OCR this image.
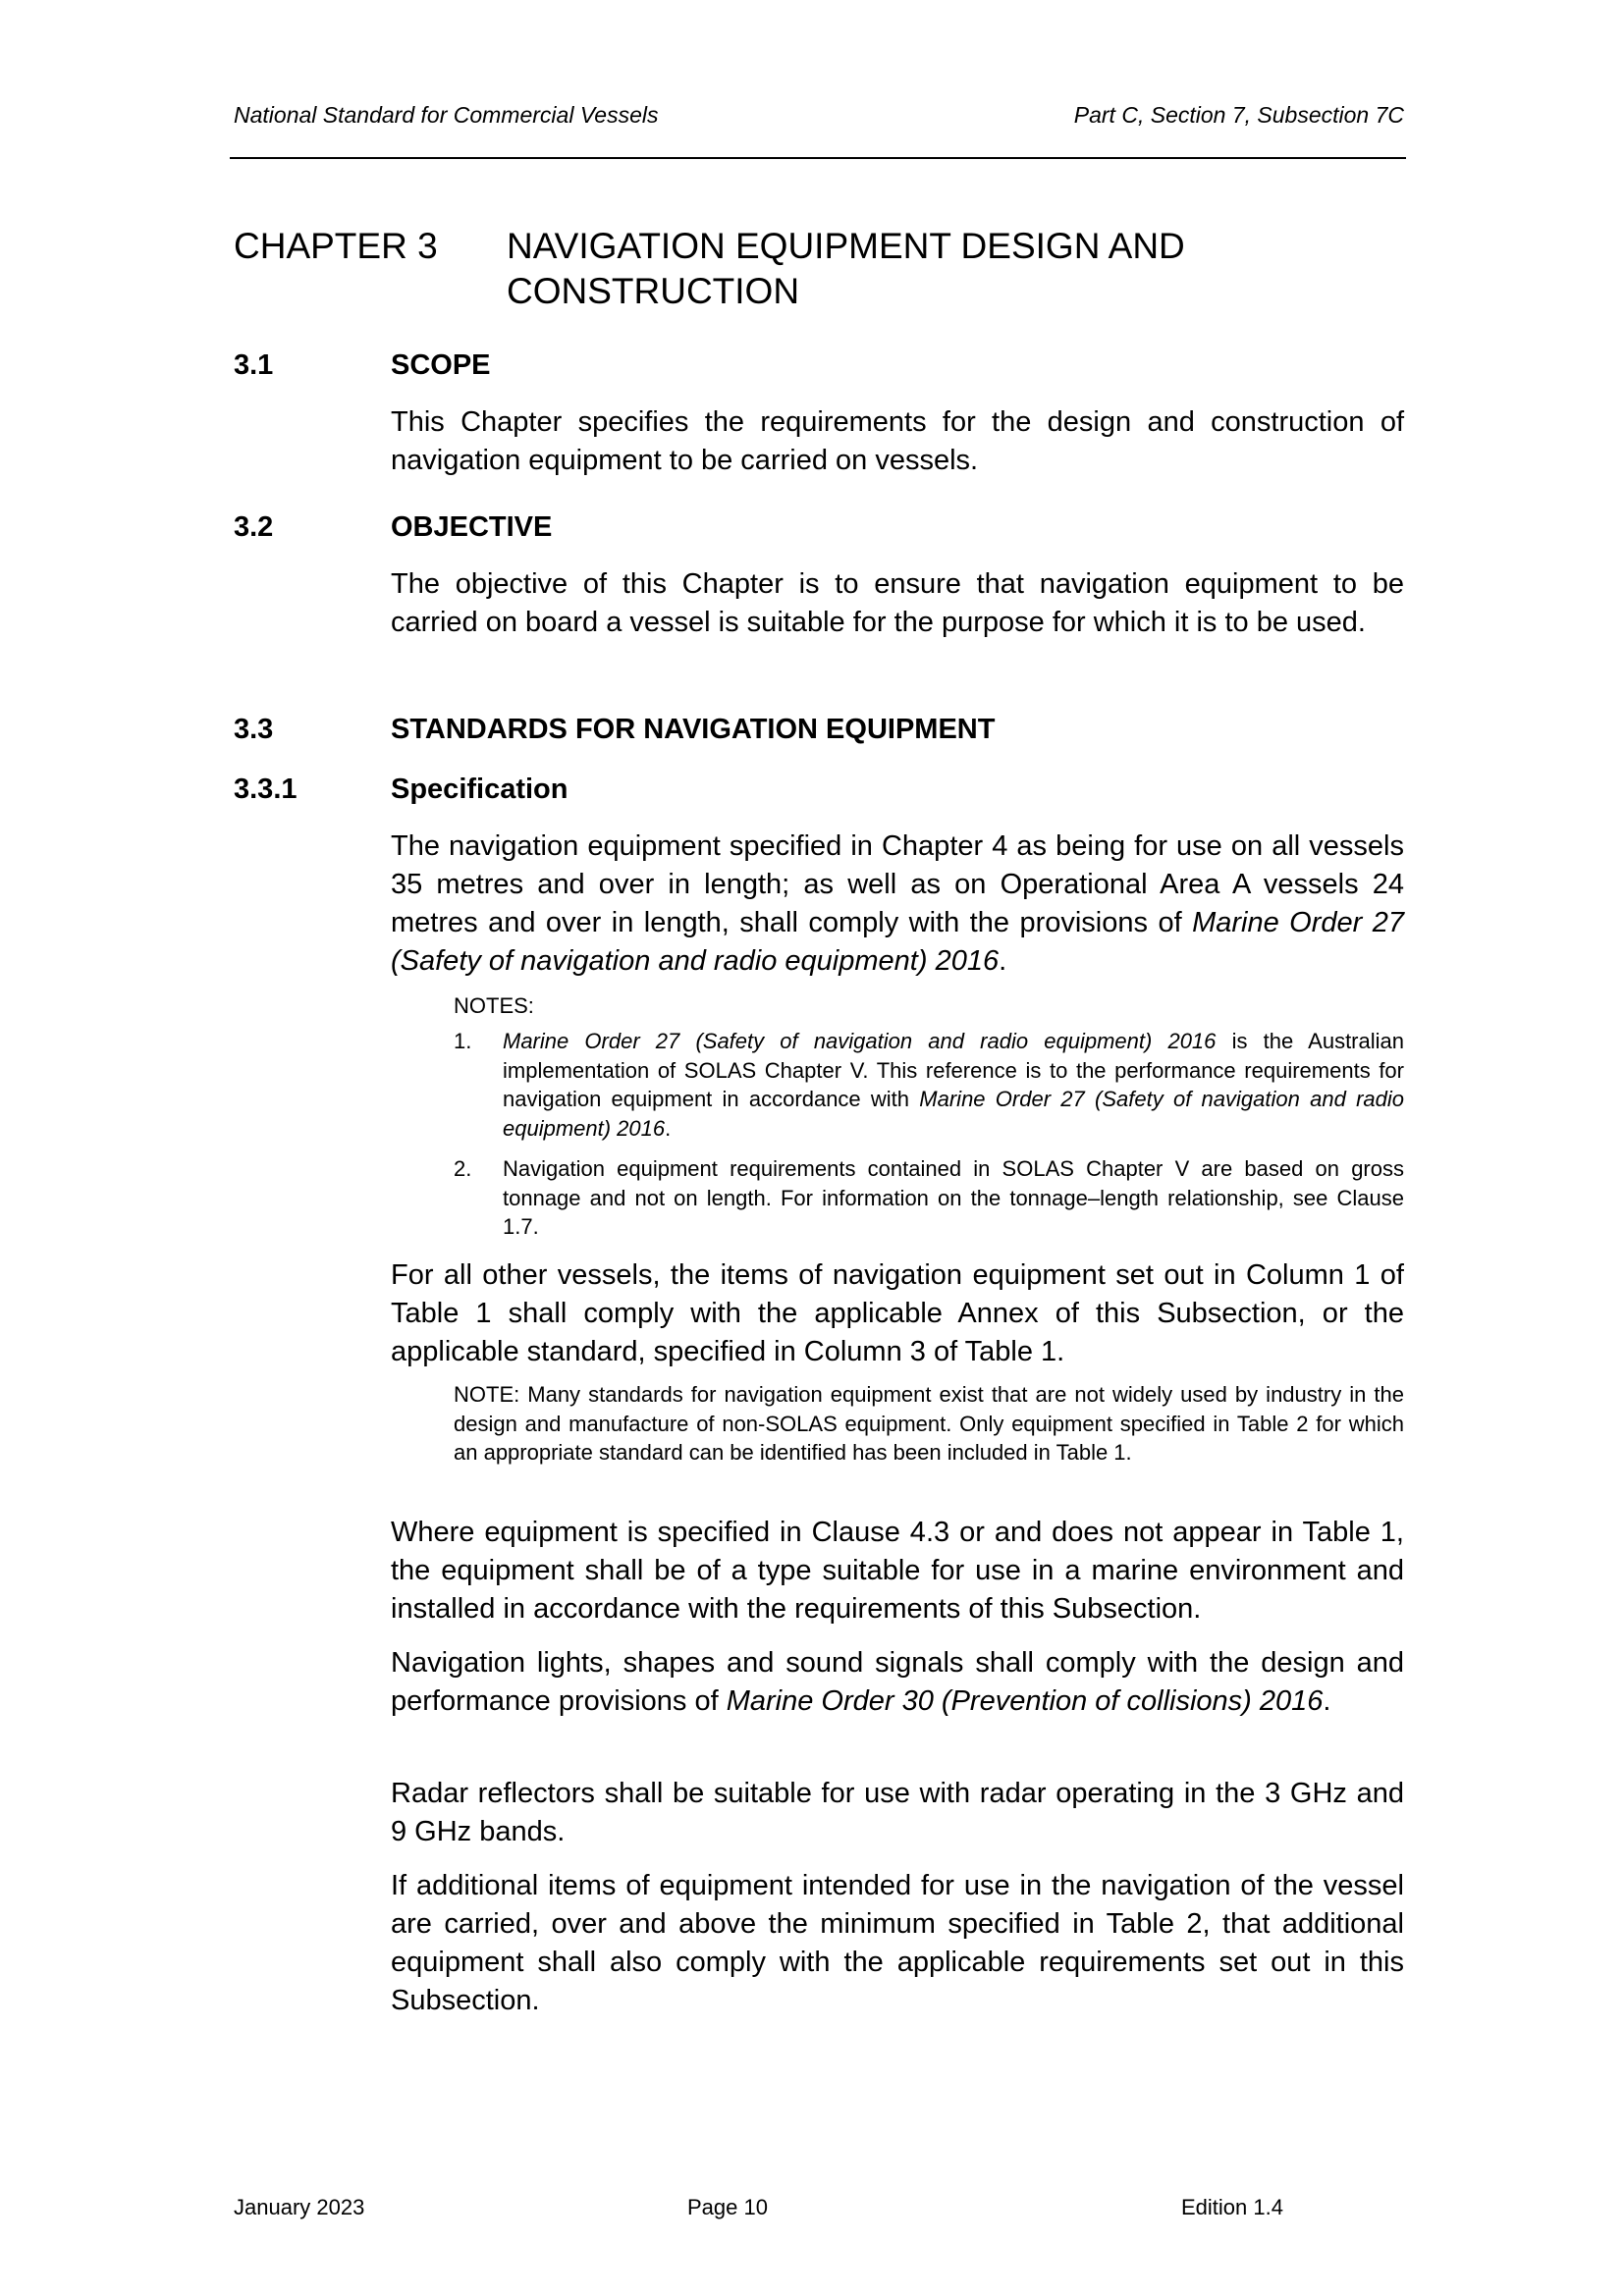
National Standard for Commercial Vessels	Part C, Section 7, Subsection 7C
CHAPTER 3 NAVIGATION EQUIPMENT DESIGN AND CONSTRUCTION
3.1	SCOPE
This Chapter specifies the requirements for the design and construction of navigation equipment to be carried on vessels.
3.2	OBJECTIVE
The objective of this Chapter is to ensure that navigation equipment to be carried on board a vessel is suitable for the purpose for which it is to be used.
3.3	STANDARDS FOR NAVIGATION EQUIPMENT
3.3.1	Specification
The navigation equipment specified in Chapter 4 as being for use on all vessels 35 metres and over in length; as well as on Operational Area A vessels 24 metres and over in length, shall comply with the provisions of Marine Order 27 (Safety of navigation and radio equipment) 2016.
NOTES:
1. Marine Order 27 (Safety of navigation and radio equipment) 2016 is the Australian implementation of SOLAS Chapter V. This reference is to the performance requirements for navigation equipment in accordance with Marine Order 27 (Safety of navigation and radio equipment) 2016.
2. Navigation equipment requirements contained in SOLAS Chapter V are based on gross tonnage and not on length. For information on the tonnage–length relationship, see Clause 1.7.
For all other vessels, the items of navigation equipment set out in Column 1 of Table 1 shall comply with the applicable Annex of this Subsection, or the applicable standard, specified in Column 3 of Table 1.
NOTE: Many standards for navigation equipment exist that are not widely used by industry in the design and manufacture of non-SOLAS equipment. Only equipment specified in Table 2 for which an appropriate standard can be identified has been included in Table 1.
Where equipment is specified in Clause 4.3 or and does not appear in Table 1, the equipment shall be of a type suitable for use in a marine environment and installed in accordance with the requirements of this Subsection.
Navigation lights, shapes and sound signals shall comply with the design and performance provisions of Marine Order 30 (Prevention of collisions) 2016.
Radar reflectors shall be suitable for use with radar operating in the 3 GHz and 9 GHz bands.
If additional items of equipment intended for use in the navigation of the vessel are carried, over and above the minimum specified in Table 2, that additional equipment shall also comply with the applicable requirements set out in this Subsection.
January 2023	Page 10	Edition 1.4
